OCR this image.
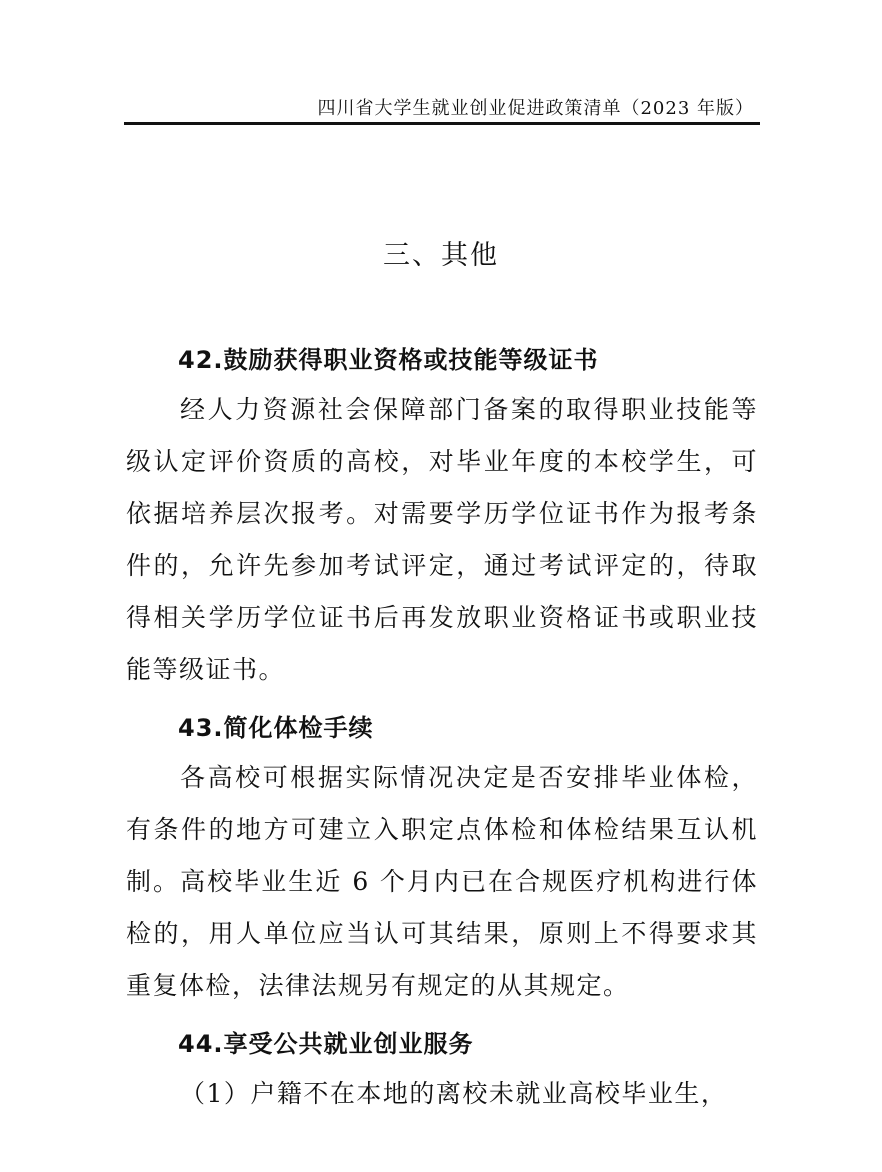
四川省大学生就业创业促进政策清单（2023 年版）
三、其他
42.鼓励获得职业资格或技能等级证书
经人力资源社会保障部门备案的取得职业技能等级认定评价资质的高校，对毕业年度的本校学生，可依据培养层次报考。对需要学历学位证书作为报考条件的，允许先参加考试评定，通过考试评定的，待取得相关学历学位证书后再发放职业资格证书或职业技能等级证书。
43.简化体检手续
各高校可根据实际情况决定是否安排毕业体检，有条件的地方可建立入职定点体检和体检结果互认机制。高校毕业生近 6 个月内已在合规医疗机构进行体检的，用人单位应当认可其结果，原则上不得要求其重复体检，法律法规另有规定的从其规定。
44.享受公共就业创业服务
（1）户籍不在本地的离校未就业高校毕业生，
